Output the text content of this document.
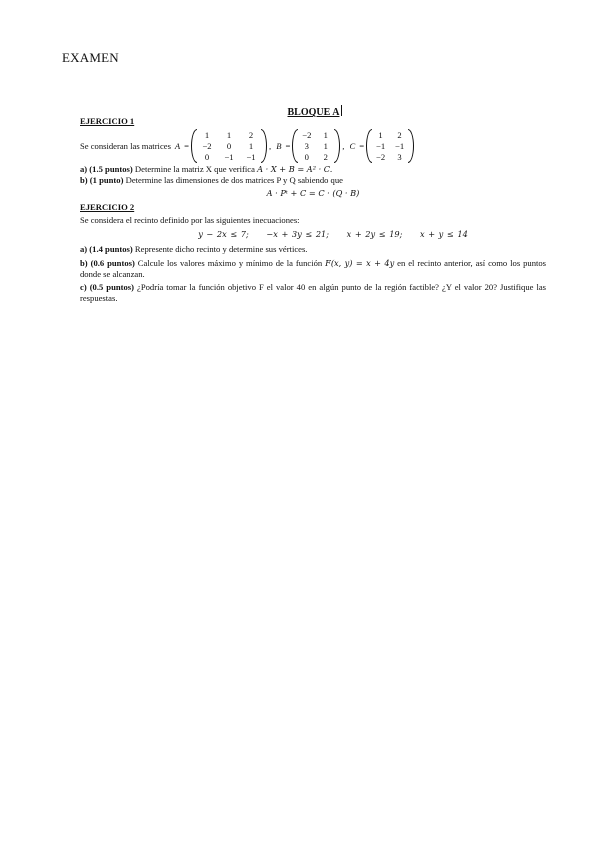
EXAMEN
BLOQUE A

EJERCICIO 1

Se consideran las matrices A =
1	1	2
−2	0	1
0	−1	−1
, B =
−2	1
3	1
0	2
, C =
1	2
−1 −1
−2	3

a) (1.5 puntos) Determine la matriz X que verifica A · X + B = A² · C.

b) (1 punto) Determine las dimensiones de dos matrices P y Q sabiendo que

A · Pᵗ + C = C · (Q · B)

EJERCICIO 2

Se considera el recinto definido por las siguientes inecuaciones:

y − 2x ≤ 7; −x + 3y ≤ 21; x + 2y ≤ 19; x + y ≤ 14

a) (1.4 puntos) Represente dicho recinto y determine sus vértices.

b) (0.6 puntos) Calcule los valores máximo y mínimo de la función F(x, y) = x + 4y en el recinto anterior, así como los puntos donde se alcanzan.

c) (0.5 puntos) ¿Podría tomar la función objetivo F el valor 40 en algún punto de la región factible? ¿Y el valor 20? Justifique las respuestas.
